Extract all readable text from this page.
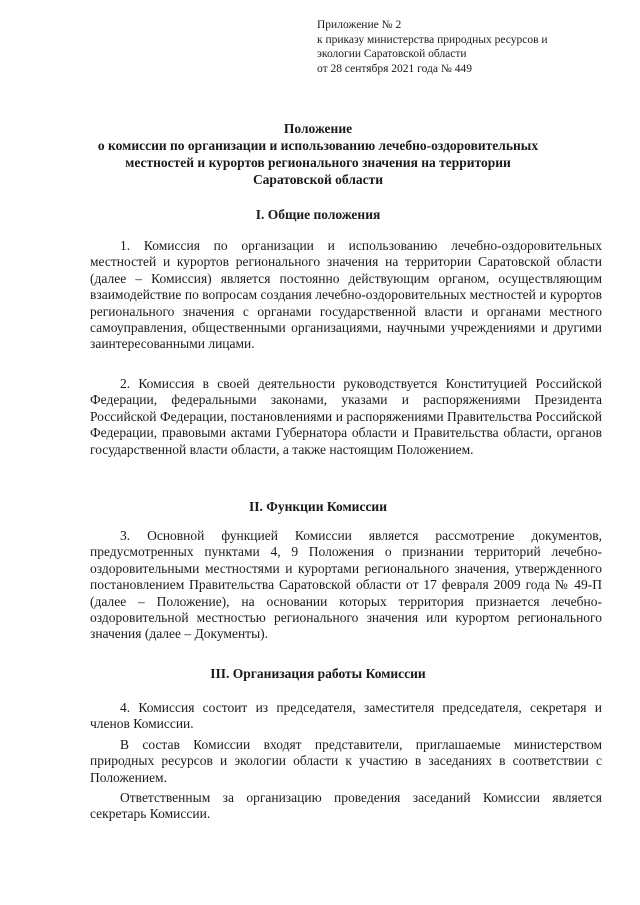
Приложение № 2
к приказу министерства природных ресурсов и
экологии Саратовской области
от 28 сентября 2021 года № 449
Положение
о комиссии по организации и использованию лечебно-оздоровительных
местностей и курортов регионального значения на территории
Саратовской области
I. Общие положения
1. Комиссия по организации и использованию лечебно-оздоровительных местностей и курортов регионального значения на территории Саратовской области (далее – Комиссия) является постоянно действующим органом, осуществляющим взаимодействие по вопросам создания лечебно-оздоровительных местностей и курортов регионального значения с органами государственной власти и органами местного самоуправления, общественными организациями, научными учреждениями и другими заинтересованными лицами.
2. Комиссия в своей деятельности руководствуется Конституцией Российской Федерации, федеральными законами, указами и распоряжениями Президента Российской Федерации, постановлениями и распоряжениями Правительства Российской Федерации, правовыми актами Губернатора области и Правительства области, органов государственной власти области, а также настоящим Положением.
II. Функции Комиссии
3. Основной функцией Комиссии является рассмотрение документов, предусмотренных пунктами 4, 9 Положения о признании территорий лечебно-оздоровительными местностями и курортами регионального значения, утвержденного постановлением Правительства Саратовской области от 17 февраля 2009 года № 49-П (далее – Положение), на основании которых территория признается лечебно-оздоровительной местностью регионального значения или курортом регионального значения (далее – Документы).
III. Организация работы Комиссии
4. Комиссия состоит из председателя, заместителя председателя, секретаря и членов Комиссии.
В состав Комиссии входят представители, приглашаемые министерством природных ресурсов и экологии области к участию в заседаниях в соответствии с Положением.
Ответственным за организацию проведения заседаний Комиссии является секретарь Комиссии.
